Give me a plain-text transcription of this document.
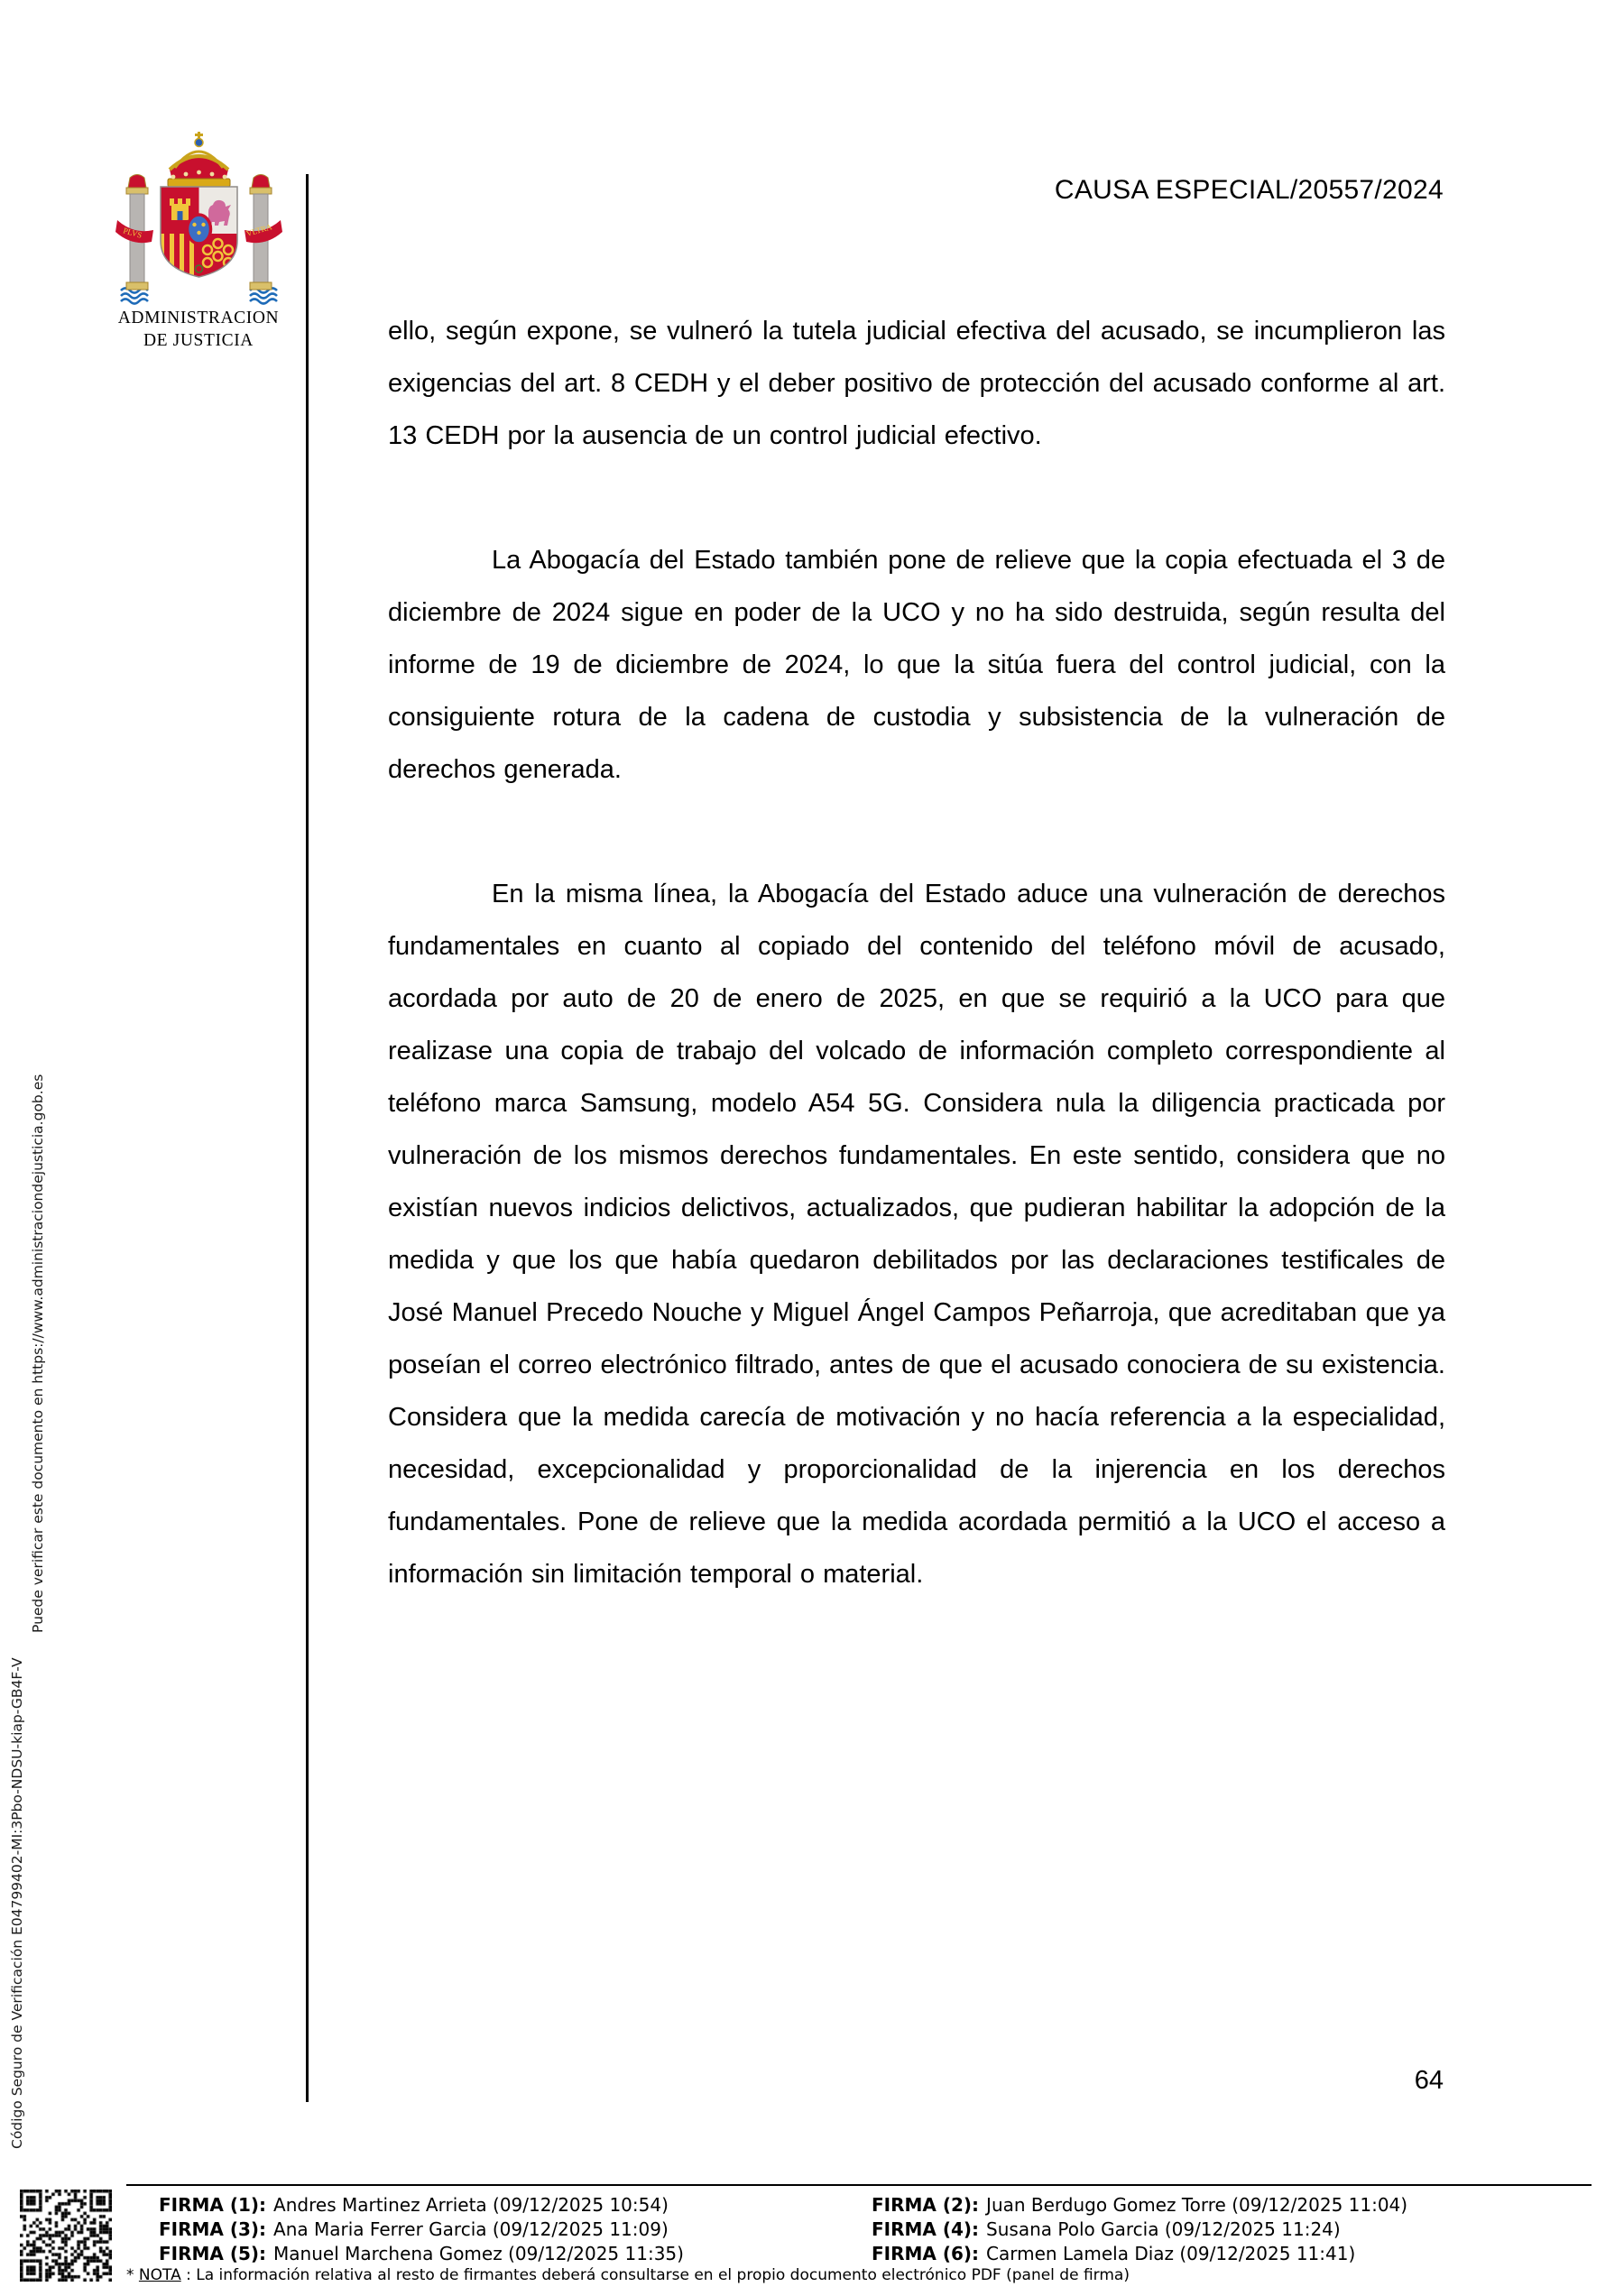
CAUSA ESPECIAL/20557/2024
PLVS	VLTRA
ADMINISTRACION
DE JUSTICIA	ello, según expone, se vulneró la tutela judicial efectiva del acusado, se incumplieron las exigencias del art. 8 CEDH y el deber positivo de protección del acusado conforme al art. 13 CEDH por la ausencia de un control judicial efectivo.

La Abogacía del Estado también pone de relieve que la copia efectuada el 3 de diciembre de 2024 sigue en poder de la UCO y no ha sido destruida, según resulta del informe de 19 de diciembre de 2024, lo que la sitúa fuera del control judicial, con la consiguiente rotura de la cadena de custodia y subsistencia de la vulneración de derechos generada.

En la misma línea, la Abogacía del Estado aduce una vulneración de derechos fundamentales en cuanto al copiado del contenido del teléfono móvil de acusado, acordada por auto de 20 de enero de 2025, en que se requirió a la UCO para que realizase una copia de trabajo del volcado de información completo correspondiente al teléfono marca Samsung, modelo A54 5G. Considera nula la diligencia practicada por vulneración de los mismos derechos fundamentales. En este sentido, considera que no existían nuevos indicios delictivos, actualizados, que pudieran habilitar la adopción de la medida y que los que había quedaron debilitados por las declaraciones testificales de José Manuel Precedo Nouche y Miguel Ángel Campos Peñarroja, que acreditaban que ya poseían el correo electrónico filtrado, antes de que el acusado conociera de su existencia. Considera que la medida carecía de motivación y no hacía referencia a la especialidad, necesidad, excepcionalidad y proporcionalidad de la injerencia en los derechos fundamentales. Pone de relieve que la medida acordada permitió a la UCO el acceso a información sin limitación temporal o material.

64
Código Seguro de Verificación E04799402-MI:3Pbo-NDSU-kiap-GB4F-V
Puede verificar este documento en https://www.administraciondejusticia.gob.es
FIRMA (1): Andres Martinez Arrieta (09/12/2025 10:54)	FIRMA (2): Juan Berdugo Gomez Torre (09/12/2025 11:04)
FIRMA (3): Ana Maria Ferrer Garcia (09/12/2025 11:09)	FIRMA (4): Susana Polo Garcia (09/12/2025 11:24)
FIRMA (5): Manuel Marchena Gomez (09/12/2025 11:35)	FIRMA (6): Carmen Lamela Diaz (09/12/2025 11:41)
* NOTA : La información relativa al resto de firmantes deberá consultarse en el propio documento electrónico PDF (panel de firma)
